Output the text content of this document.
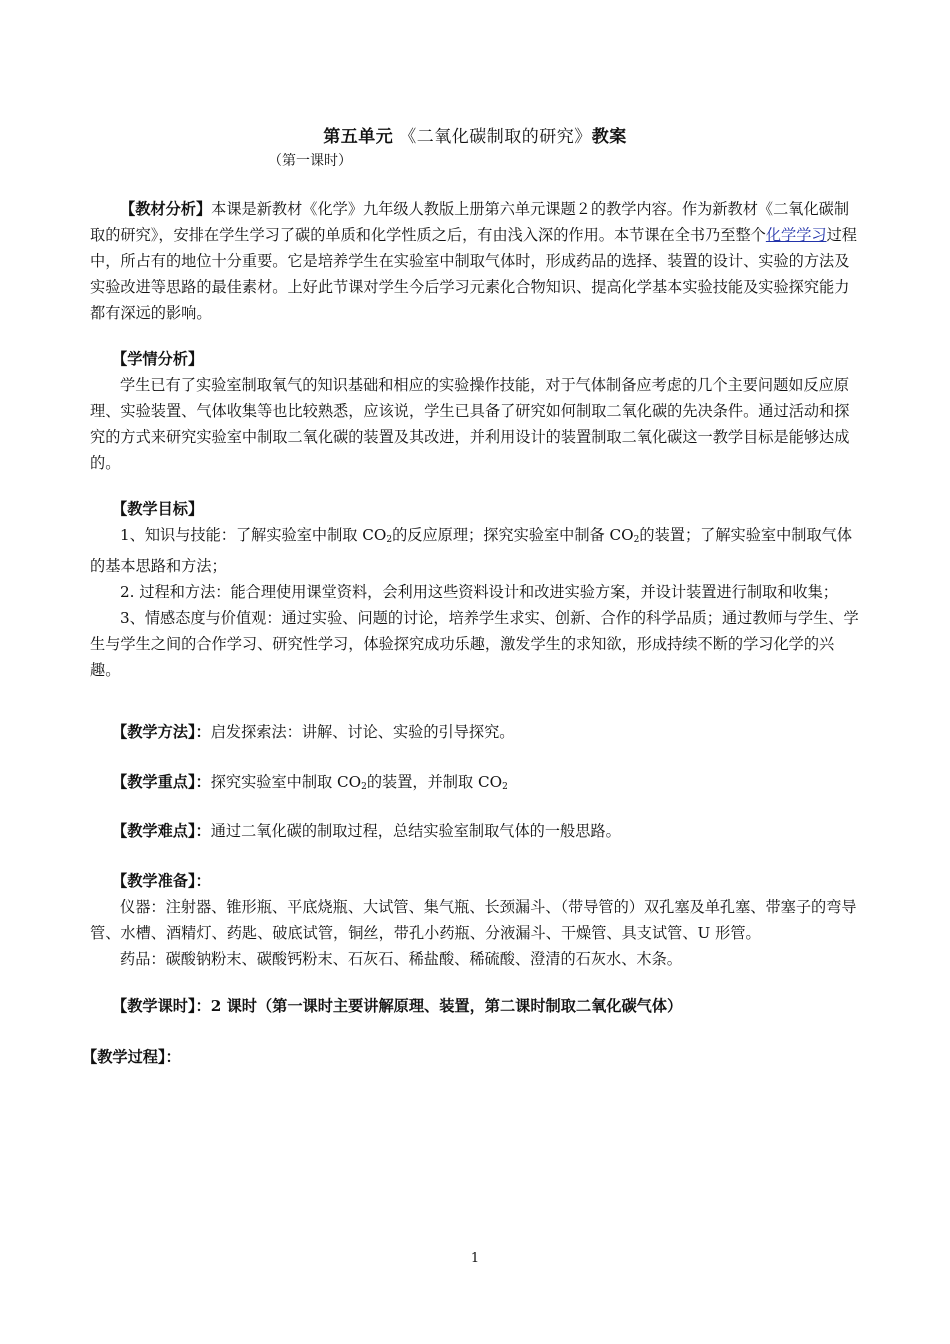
第五单元 《二氧化碳制取的研究》教案
（第一课时）

【教材分析】本课是新教材《化学》九年级人教版上册第六单元课题２的教学内容。作为新教材《二氧化碳制取的研究》，安排在学生学习了碳的单质和化学性质之后，有由浅入深的作用。本节课在全书乃至整个化学学习过程中，所占有的地位十分重要。它是培养学生在实验室中制取气体时，形成药品的选择、装置的设计、实验的方法及实验改进等思路的最佳素材。上好此节课对学生今后学习元素化合物知识、提高化学基本实验技能及实验探究能力都有深远的影响。

【学情分析】

学生已有了实验室制取氧气的知识基础和相应的实验操作技能，对于气体制备应考虑的几个主要问题如反应原理、实验装置、气体收集等也比较熟悉，应该说，学生已具备了研究如何制取二氧化碳的先决条件。通过活动和探究的方式来研究实验室中制取二氧化碳的装置及其改进，并利用设计的装置制取二氧化碳这一教学目标是能够达成的。

【教学目标】

1、知识与技能：了解实验室中制取 $CO_2$的反应原理；探究实验室中制备 $CO_2$的装置；了解实验室中制取气体的基本思路和方法；

2. 过程和方法：能合理使用课堂资料，会利用这些资料设计和改进实验方案，并设计装置进行制取和收集；

3、情感态度与价值观：通过实验、问题的讨论，培养学生求实、创新、合作的科学品质；通过教师与学生、学生与学生之间的合作学习、研究性学习，体验探究成功乐趣，激发学生的求知欲，形成持续不断的学习化学的兴趣。

【教学方法】：启发探索法：讲解、讨论、实验的引导探究。

【教学重点】：探究实验室中制取 $CO_2$的装置，并制取 $CO_2$

【教学难点】：通过二氧化碳的制取过程，总结实验室制取气体的一般思路。

【教学准备】：

仪器：注射器、锥形瓶、平底烧瓶、大试管、集气瓶、长颈漏斗、（带导管的）双孔塞及单孔塞、带塞子的弯导管、水槽、酒精灯、药匙、破底试管，铜丝，带孔小药瓶、分液漏斗、干燥管、具支试管、U 形管。

药品：碳酸钠粉末、碳酸钙粉末、石灰石、稀盐酸、稀硫酸、澄清的石灰水、木条。

【教学课时】：2 课时（第一课时主要讲解原理、装置，第二课时制取二氧化碳气体）

【教学过程】：

1
